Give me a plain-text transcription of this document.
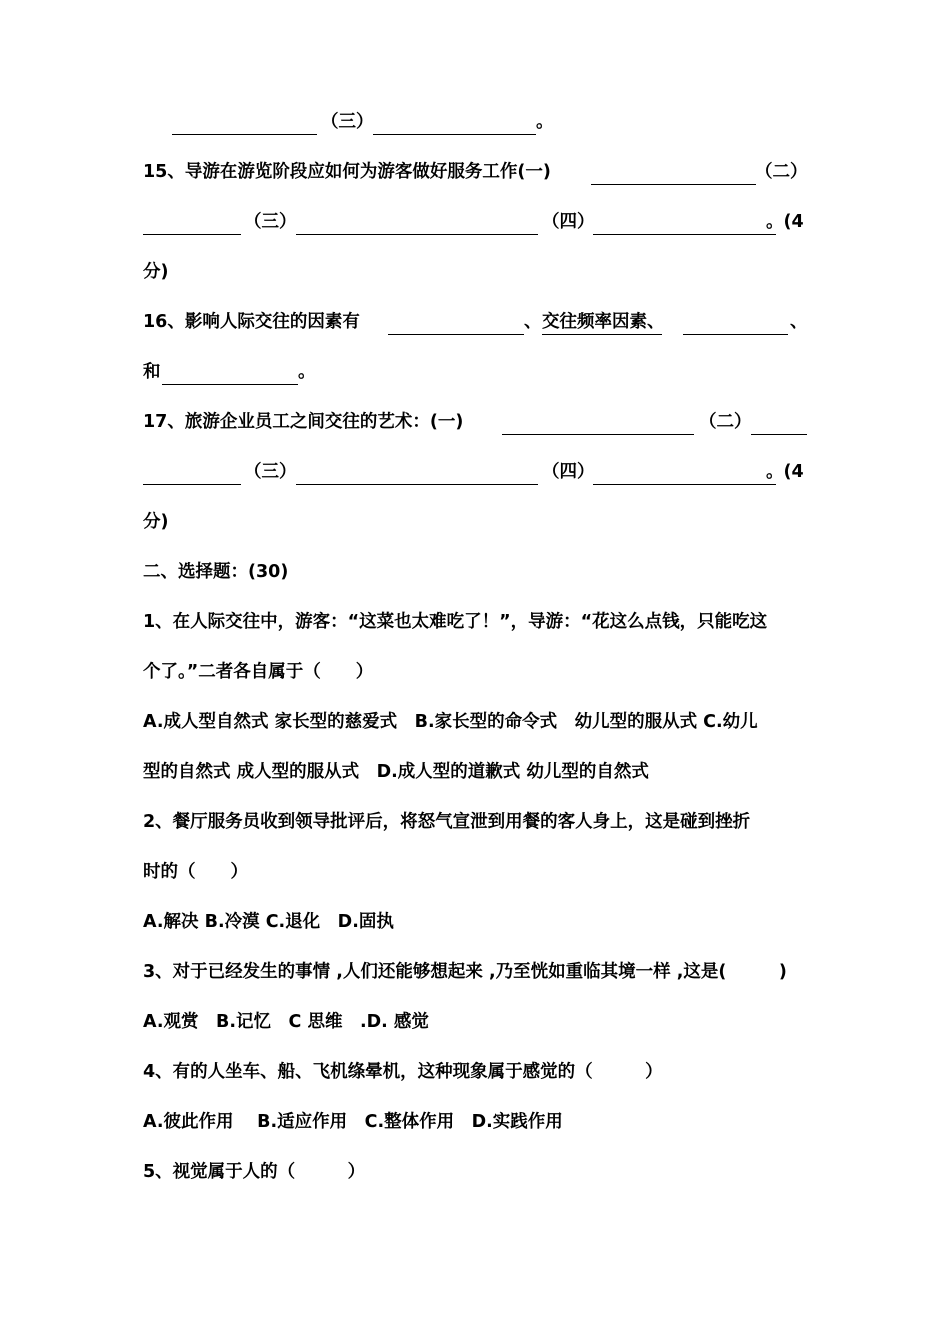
（三）	。
15、导游在游览阶段应如何为游客做好服务工作(一)	（二）
（三）	（四）	。(4
分)
16、影响人际交往的因素有	、 交往频率因素、	、
和	。
17、旅游企业员工之间交往的艺术：(一)	（二）
（三）	（四）	。(4
分)
二、选择题：(30)
1、在人际交往中，游客：“这菜也太难吃了！”，导游：“花这么点钱，只能吃这
个了。”二者各自属于（　　）
A.成人型自然式 家长型的慈爱式　B.家长型的命令式　幼儿型的服从式 C.幼儿
型的自然式 成人型的服从式　D.成人型的道歉式 幼儿型的自然式
2、餐厅服务员收到领导批评后，将怒气宣泄到用餐的客人身上，这是碰到挫折
时的（　　）
A.解决 B.冷漠 C.退化　D.固执
3、对于已经发生的事情 ,人们还能够想起来 ,乃至恍如重临其境一样 ,这是(　　　)
A.观赏　B.记忆　C 思维　.D. 感觉
4、有的人坐车、船、飞机绦晕机，这种现象属于感觉的（　　　）
A.彼此作用　 B.适应作用　C.整体作用　D.实践作用
5、视觉属于人的（　　　）
